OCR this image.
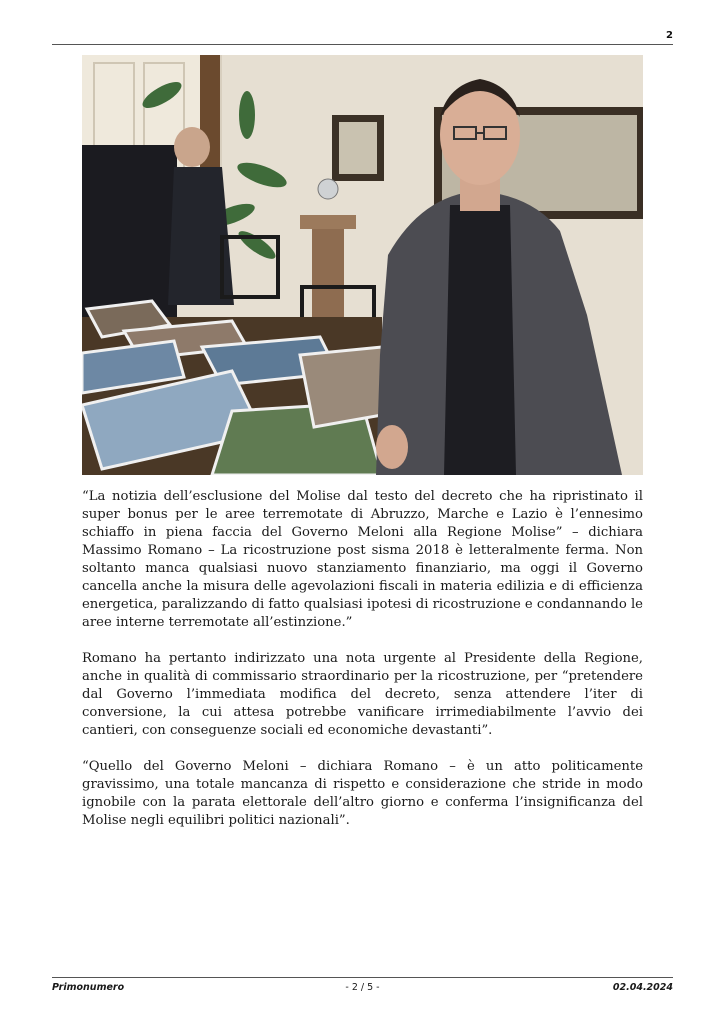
2

“La notizia dell’esclusione del Molise dal testo del decreto che ha ripristinato il super bonus per le aree terremotate di Abruzzo, Marche e Lazio è l’ennesimo schiaffo in piena faccia del Governo Meloni alla Regione Molise” – dichiara Massimo Romano – La ricostruzione post sisma 2018 è letteralmente ferma. Non soltanto manca qualsiasi nuovo stanziamento finanziario, ma oggi il Governo cancella anche la misura delle agevolazioni fiscali in materia edilizia e di efficienza energetica, paralizzando di fatto qualsiasi ipotesi di ricostruzione e condannando le aree interne terremotate all’estinzione.”

Romano ha pertanto indirizzato una nota urgente al Presidente della Regione, anche in qualità di commissario straordinario per la ricostruzione, per “pretendere dal Governo l’immediata modifica del decreto, senza attendere l’iter di conversione, la cui attesa potrebbe vanificare irrimediabilmente l’avvio dei cantieri, con conseguenze sociali ed economiche devastanti”.

“Quello del Governo Meloni – dichiara Romano – è un atto politicamente gravissimo, una totale mancanza di rispetto e considerazione che stride in modo ignobile con la parata elettorale dell’altro giorno e conferma l’insignificanza del Molise negli equilibri politici nazionali”.

Primonumero	- 2 / 5 -	02.04.2024
